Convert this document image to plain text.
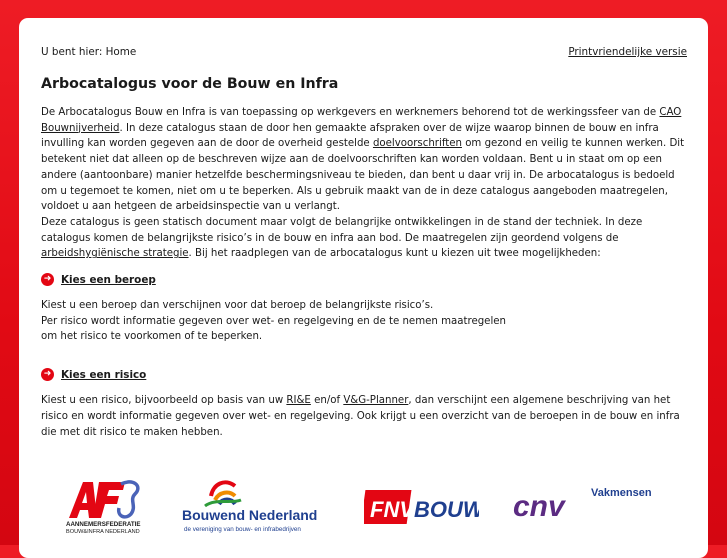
U bent hier: Home	Printvriendelijke versie
Arbocatalogus voor de Bouw en Infra

De Arbocatalogus Bouw en Infra is van toepassing op werkgevers en werknemers behorend tot de werkingssfeer van de CAO Bouwnijverheid. In deze catalogus staan de door hen gemaakte afspraken over de wijze waarop binnen de bouw en infra invulling kan worden gegeven aan de door de overheid gestelde doelvoorschriften om gezond en veilig te kunnen werken. Dit betekent niet dat alleen op de beschreven wijze aan de doelvoorschriften kan worden voldaan. Bent u in staat om op een andere (aantoonbare) manier hetzelfde beschermingsniveau te bieden, dan bent u daar vrij in. De arbocatalogus is bedoeld om u tegemoet te komen, niet om u te beperken. Als u gebruik maakt van de in deze catalogus aangeboden maatregelen, voldoet u aan hetgeen de arbeidsinspectie van u verlangt.

Deze catalogus is geen statisch document maar volgt de belangrijke ontwikkelingen in de stand der techniek. In deze catalogus komen de belangrijkste risico’s in de bouw en infra aan bod. De maatregelen zijn geordend volgens de arbeidshygiënische strategie. Bij het raadplegen van de arbocatalogus kunt u kiezen uit twee mogelijkheden:

➜ Kies een beroep

Kiest u een beroep dan verschijnen voor dat beroep de belangrijkste risico’s.
Per risico wordt informatie gegeven over wet- en regelgeving en de te nemen maatregelen
om het risico te voorkomen of te beperken.

➜ Kies een risico

Kiest u een risico, bijvoorbeeld op basis van uw RI&E en/of V&G-Planner, dan verschijnt een algemene beschrijving van het risico en wordt informatie gegeven over wet- en regelgeving. Ook krijgt u een overzicht van de beroepen in de bouw en infra die met dit risico te maken hebben.

AANNEMERSFEDERATIE
BOUW&INFRA NEDERLAND
Bouwend Nederland
de vereniging van bouw- en infrabedrijven
FNV BOUW cnv Vakmensen
